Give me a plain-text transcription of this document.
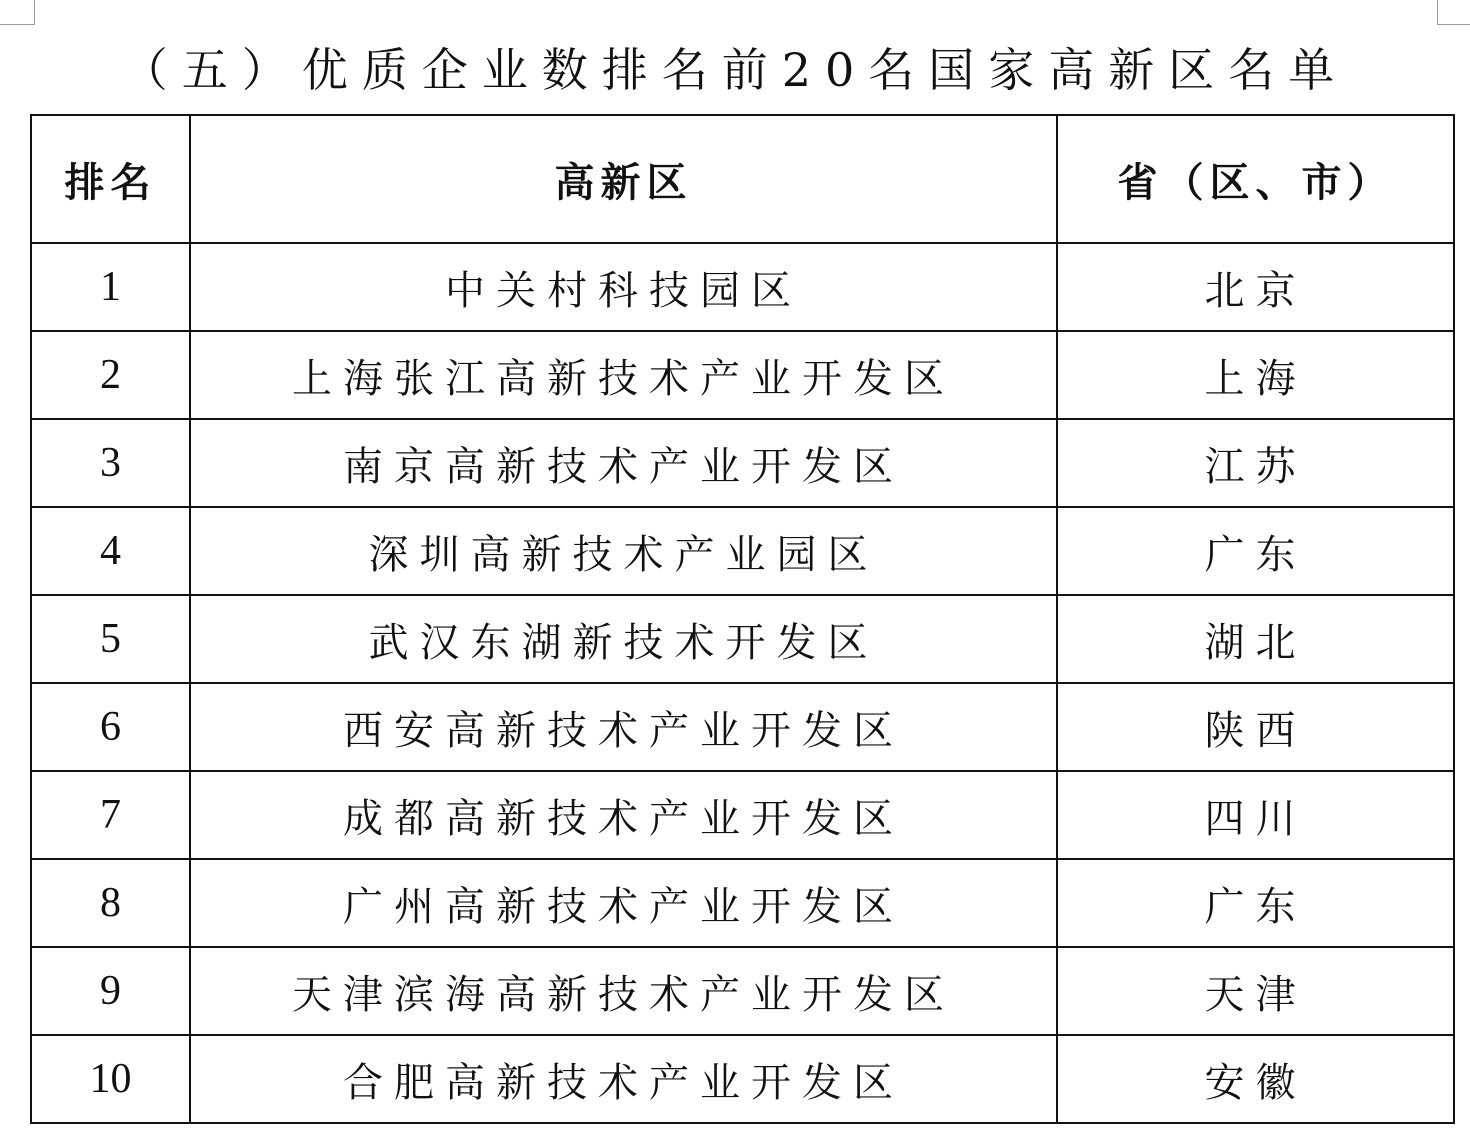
（五）优质企业数排名前20名国家高新区名单
排名	高新区	省（区、市）
1	中关村科技园区	北京
2	上海张江高新技术产业开发区	上海
3	南京高新技术产业开发区	江苏
4	深圳高新技术产业园区	广东
5	武汉东湖新技术开发区	湖北
6	西安高新技术产业开发区	陕西
7	成都高新技术产业开发区	四川
8	广州高新技术产业开发区	广东
9	天津滨海高新技术产业开发区	天津
10	合肥高新技术产业开发区	安徽
